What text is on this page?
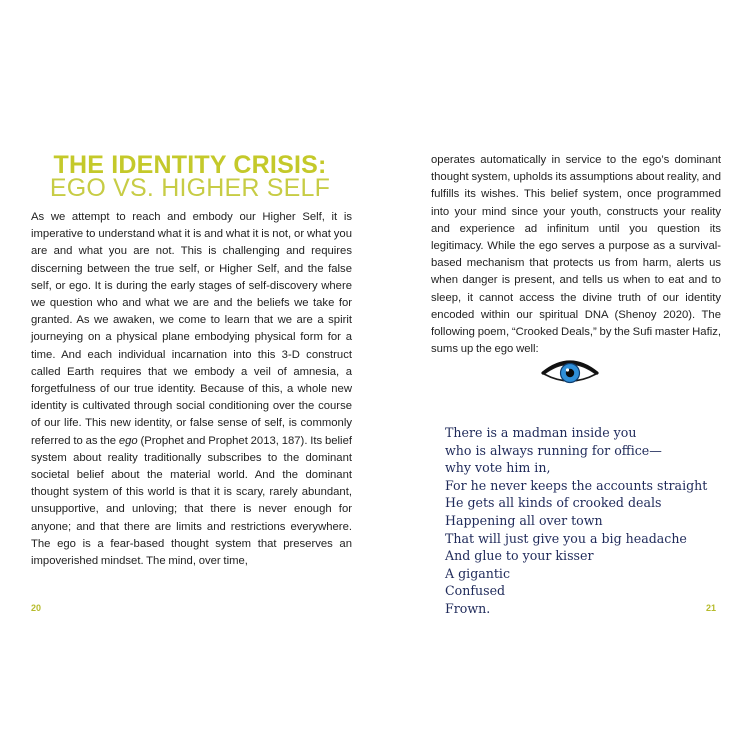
THE IDENTITY CRISIS:
EGO VS. HIGHER SELF

As we attempt to reach and embody our Higher Self, it is imperative to understand what it is and what it is not, or what you are and what you are not. This is challenging and requires discerning between the true self, or Higher Self, and the false self, or ego. It is during the early stages of self-discovery where we question who and what we are and the beliefs we take for granted. As we awaken, we come to learn that we are a spirit journeying on a physical plane embodying physical form for a time. And each individual incarnation into this 3-D construct called Earth requires that we embody a veil of amnesia, a forgetfulness of our true identity. Because of this, a whole new identity is cultivated through social conditioning over the course of our life. This new identity, or false sense of self, is commonly referred to as the ego (Prophet and Prophet 2013, 187). Its belief system about reality traditionally subscribes to the dominant societal belief about the material world. And the dominant thought system of this world is that it is scary, rarely abundant, unsupportive, and unloving; that there is never enough for anyone; and that there are limits and restrictions everywhere. The ego is a fear-based thought system that preserves an impoverished mindset. The mind, over time,

20

operates automatically in service to the ego’s dominant thought system, upholds its assumptions about reality, and fulfills its wishes. This belief system, once programmed into your mind since your youth, constructs your reality and experience ad infinitum until you question its legitimacy. While the ego serves a purpose as a survival-based mechanism that protects us from harm, alerts us when danger is present, and tells us when to eat and to sleep, it cannot access the divine truth of our identity encoded within our spiritual DNA (Shenoy 2020). The following poem, “Crooked Deals,” by the Sufi master Hafiz, sums up the ego well:

There is a madman inside you
who is always running for office—
why vote him in,
For he never keeps the accounts straight
He gets all kinds of crooked deals
Happening all over town
That will just give you a big headache
And glue to your kisser
A gigantic
Confused
Frown.	21
